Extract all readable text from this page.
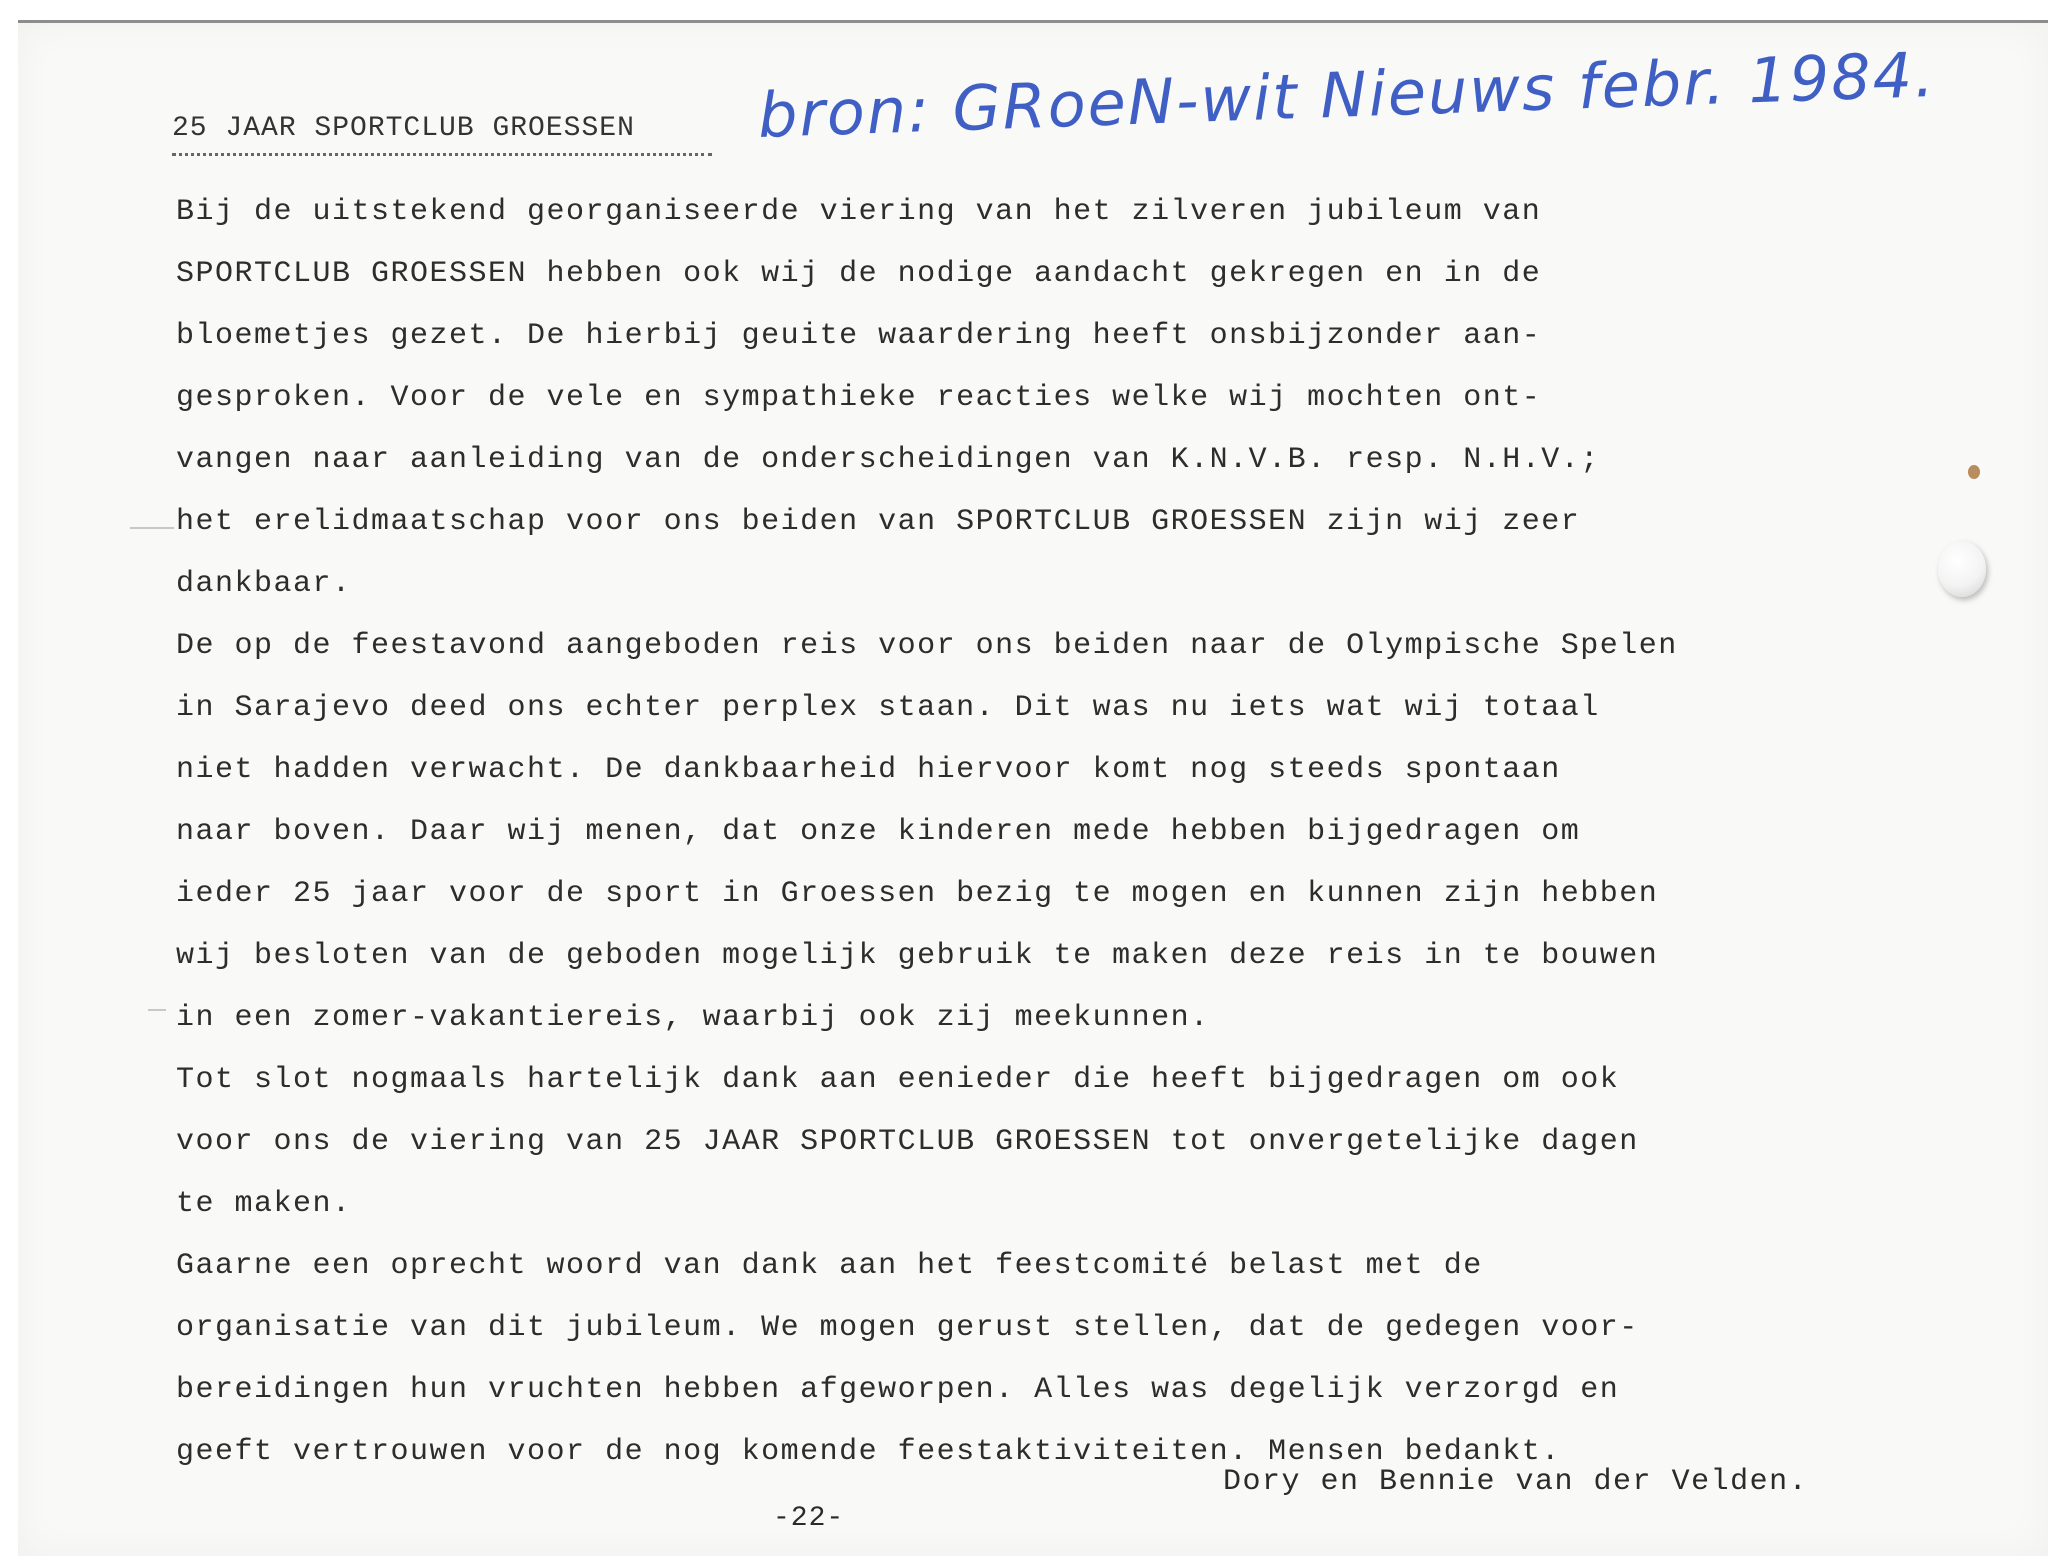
25 JAAR SPORTCLUB GROESSEN bron: GRoeN-wit Nieuws febr. 1984.
Bij de uitstekend georganiseerde viering van het zilveren jubileum van
SPORTCLUB GROESSEN hebben ook wij de nodige aandacht gekregen en in de
bloemetjes gezet. De hierbij geuite waardering heeft onsbijzonder aan-
gesproken. Voor de vele en sympathieke reacties welke wij mochten ont-
vangen naar aanleiding van de onderscheidingen van K.N.V.B. resp. N.H.V.;
het erelidmaatschap voor ons beiden van SPORTCLUB GROESSEN zijn wij zeer
dankbaar.
De op de feestavond aangeboden reis voor ons beiden naar de Olympische Spelen
in Sarajevo deed ons echter perplex staan. Dit was nu iets wat wij totaal
niet hadden verwacht. De dankbaarheid hiervoor komt nog steeds spontaan
naar boven. Daar wij menen, dat onze kinderen mede hebben bijgedragen om
ieder 25 jaar voor de sport in Groessen bezig te mogen en kunnen zijn hebben
wij besloten van de geboden mogelijk gebruik te maken deze reis in te bouwen
in een zomer-vakantiereis, waarbij ook zij meekunnen.
Tot slot nogmaals hartelijk dank aan eenieder die heeft bijgedragen om ook
voor ons de viering van 25 JAAR SPORTCLUB GROESSEN tot onvergetelijke dagen
te maken.
Gaarne een oprecht woord van dank aan het feestcomité belast met de
organisatie van dit jubileum. We mogen gerust stellen, dat de gedegen voor-
bereidingen hun vruchten hebben afgeworpen. Alles was degelijk verzorgd en
geeft vertrouwen voor de nog komende feestaktiviteiten. Mensen bedankt.
Dory en Bennie van der Velden.
-22-
